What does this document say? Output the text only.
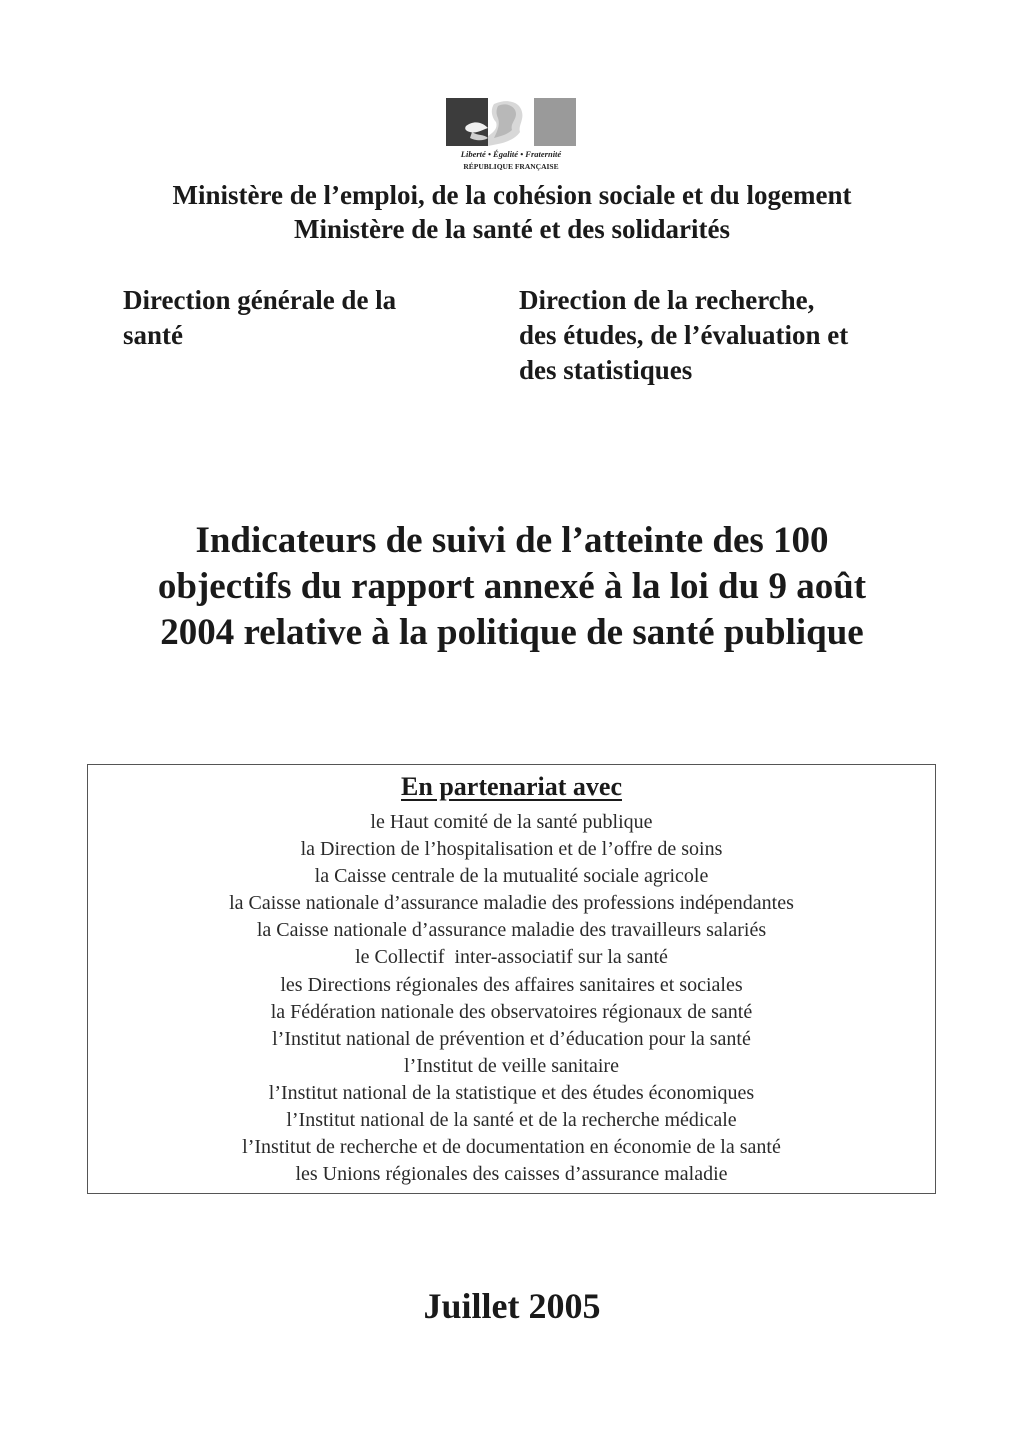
Liberté • Égalité • Fraternité
RÉPUBLIQUE FRANÇAISE
Ministère de l’emploi, de la cohésion sociale et du logement
Ministère de la santé et des solidarités
Direction générale de la
santé
Direction de la recherche,
des études, de l’évaluation et
des statistiques
Indicateurs de suivi de l’atteinte des 100
objectifs du rapport annexé à la loi du 9 août
2004 relative à la politique de santé publique
En partenariat avec
le Haut comité de la santé publique
la Direction de l’hospitalisation et de l’offre de soins
la Caisse centrale de la mutualité sociale agricole
la Caisse nationale d’assurance maladie des professions indépendantes
la Caisse nationale d’assurance maladie des travailleurs salariés
le Collectif  inter-associatif sur la santé
les Directions régionales des affaires sanitaires et sociales
la Fédération nationale des observatoires régionaux de santé
l’Institut national de prévention et d’éducation pour la santé
l’Institut de veille sanitaire
l’Institut national de la statistique et des études économiques
l’Institut national de la santé et de la recherche médicale
l’Institut de recherche et de documentation en économie de la santé
les Unions régionales des caisses d’assurance maladie
Juillet 2005
